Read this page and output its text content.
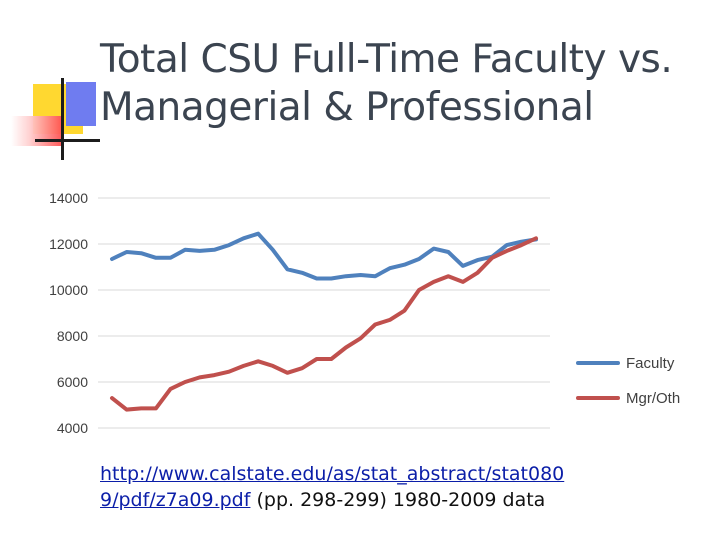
Total CSU Full-Time Faculty vs.
Managerial & Professional
4000
6000
8000
10000
12000
14000
Faculty
Mgr/Oth
http://www.calstate.edu/as/stat_abstract/stat080
9/pdf/z7a09.pdf (pp. 298-299) 1980-2009 data
